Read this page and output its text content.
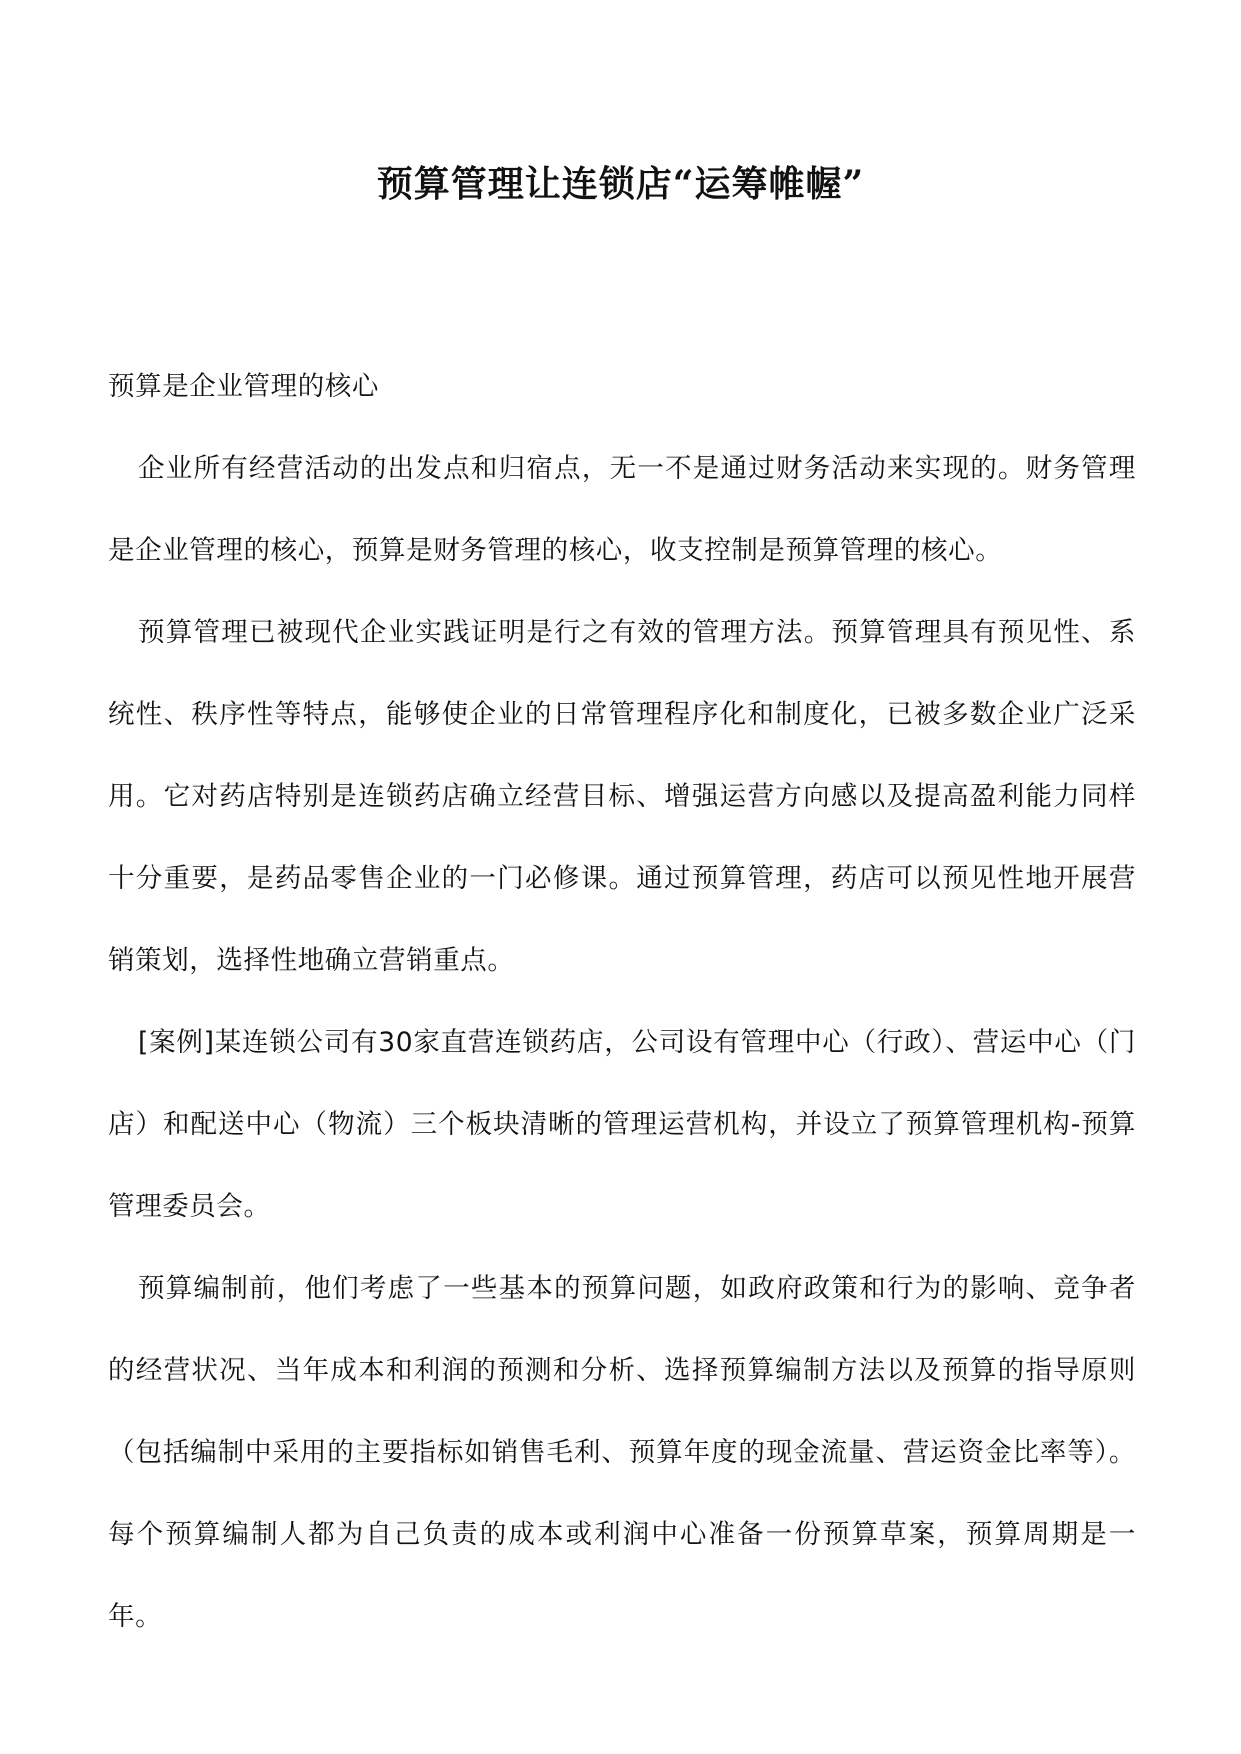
预算管理让连锁店“运筹帷幄”

预算是企业管理的核心

企业所有经营活动的出发点和归宿点，无一不是通过财务活动来实现的。财务管理是企业管理的核心，预算是财务管理的核心，收支控制是预算管理的核心。

预算管理已被现代企业实践证明是行之有效的管理方法。预算管理具有预见性、系统性、秩序性等特点，能够使企业的日常管理程序化和制度化，已被多数企业广泛采用。它对药店特别是连锁药店确立经营目标、增强运营方向感以及提高盈利能力同样十分重要，是药品零售企业的一门必修课。通过预算管理，药店可以预见性地开展营销策划，选择性地确立营销重点。

[案例]某连锁公司有30家直营连锁药店，公司设有管理中心（行政）、营运中心（门店）和配送中心（物流）三个板块清晰的管理运营机构，并设立了预算管理机构-预算管理委员会。

预算编制前，他们考虑了一些基本的预算问题，如政府政策和行为的影响、竞争者的经营状况、当年成本和利润的预测和分析、选择预算编制方法以及预算的指导原则（包括编制中采用的主要指标如销售毛利、预算年度的现金流量、营运资金比率等）。每个预算编制人都为自己负责的成本或利润中心准备一份预算草案，预算周期是一年。
